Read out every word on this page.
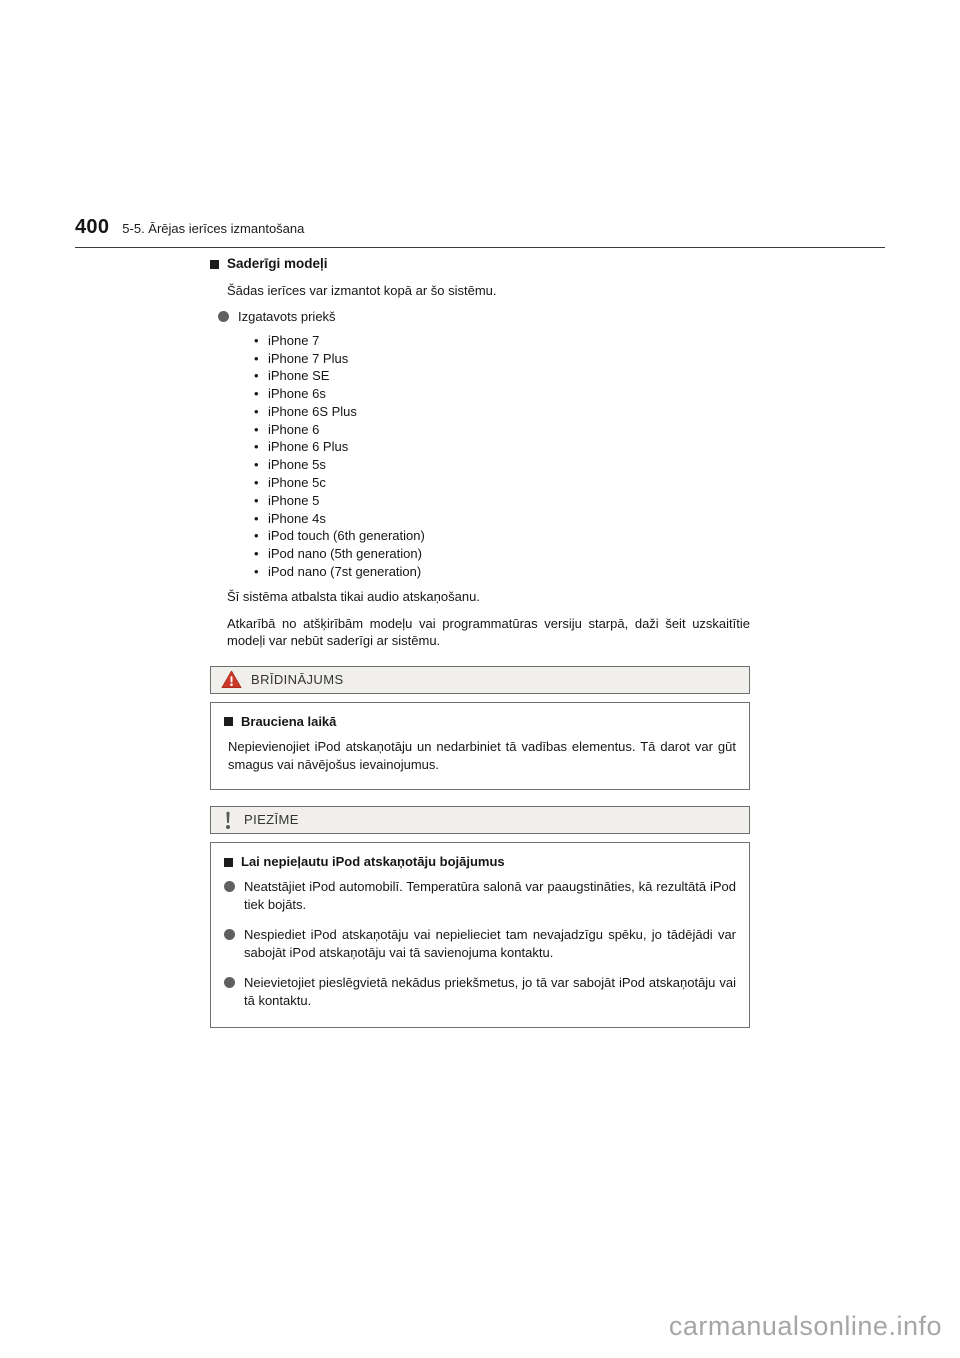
400 5-5. Ārējas ierīces izmantošana
Saderīgi modeļi

Šādas ierīces var izmantot kopā ar šo sistēmu.

Izgatavots priekš
• iPhone 7
• iPhone 7 Plus
• iPhone SE
• iPhone 6s
• iPhone 6S Plus
• iPhone 6
• iPhone 6 Plus
• iPhone 5s
• iPhone 5c
• iPhone 5
• iPhone 4s
• iPod touch (6th generation)
• iPod nano (5th generation)
• iPod nano (7st generation)

Šī sistēma atbalsta tikai audio atskaņošanu.

Atkarībā no atšķirībām modeļu vai programmatūras versiju starpā, daži šeit uzskaitītie modeļi var nebūt saderīgi ar sistēmu.

BRĪDINĀJUMS
Brauciena laikā

Nepievienojiet iPod atskaņotāju un nedarbiniet tā vadības elementus. Tā darot var gūt smagus vai nāvējošus ievainojumus.

PIEZĪME
Lai nepieļautu iPod atskaņotāju bojājumus

Neatstājiet iPod automobilī. Temperatūra salonā var paaugstināties, kā rezultātā iPod tiek bojāts.

Nespiediet iPod atskaņotāju vai nepielieciet tam nevajadzīgu spēku, jo tādējādi var sabojāt iPod atskaņotāju vai tā savienojuma kontaktu.

Neievietojiet pieslēgvietā nekādus priekšmetus, jo tā var sabojāt iPod atskaņotāju vai tā kontaktu.

carmanualsonline.info
